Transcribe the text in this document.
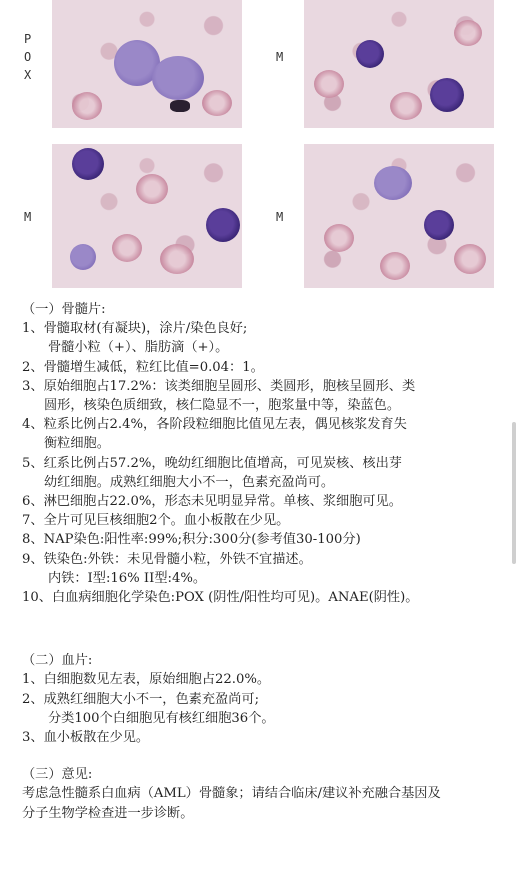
P
O
X
M
M	M
（一）骨髓片:
1、骨髓取材(有凝块)，涂片/染色良好;
骨髓小粒（+）、脂肪滴（+）。
2、骨髓增生减低，粒红比值=0.04：1。
3、原始细胞占17.2%：该类细胞呈圆形、类圆形，胞核呈圆形、类
圆形，核染色质细致，核仁隐显不一，胞浆量中等，染蓝色。
4、粒系比例占2.4%，各阶段粒细胞比值见左表，偶见核浆发育失
衡粒细胞。
5、红系比例占57.2%，晚幼红细胞比值增高，可见炭核、核出芽
幼红细胞。成熟红细胞大小不一，色素充盈尚可。
6、淋巴细胞占22.0%，形态未见明显异常。单核、浆细胞可见。
7、全片可见巨核细胞2个。血小板散在少见。
8、NAP染色:阳性率:99%;积分:300分(参考值30-100分)
9、铁染色:外铁：未见骨髓小粒，外铁不宜描述。
内铁：I型:16% II型:4%。
10、白血病细胞化学染色:POX (阴性/阳性均可见)。ANAE(阴性)。
（二）血片:
1、白细胞数见左表，原始细胞占22.0%。
2、成熟红细胞大小不一，色素充盈尚可;
分类100个白细胞见有核红细胞36个。
3、血小板散在少见。
（三）意见:
考虑急性髓系白血病（AML）骨髓象；请结合临床/建议补充融合基因及
分子生物学检查进一步诊断。
